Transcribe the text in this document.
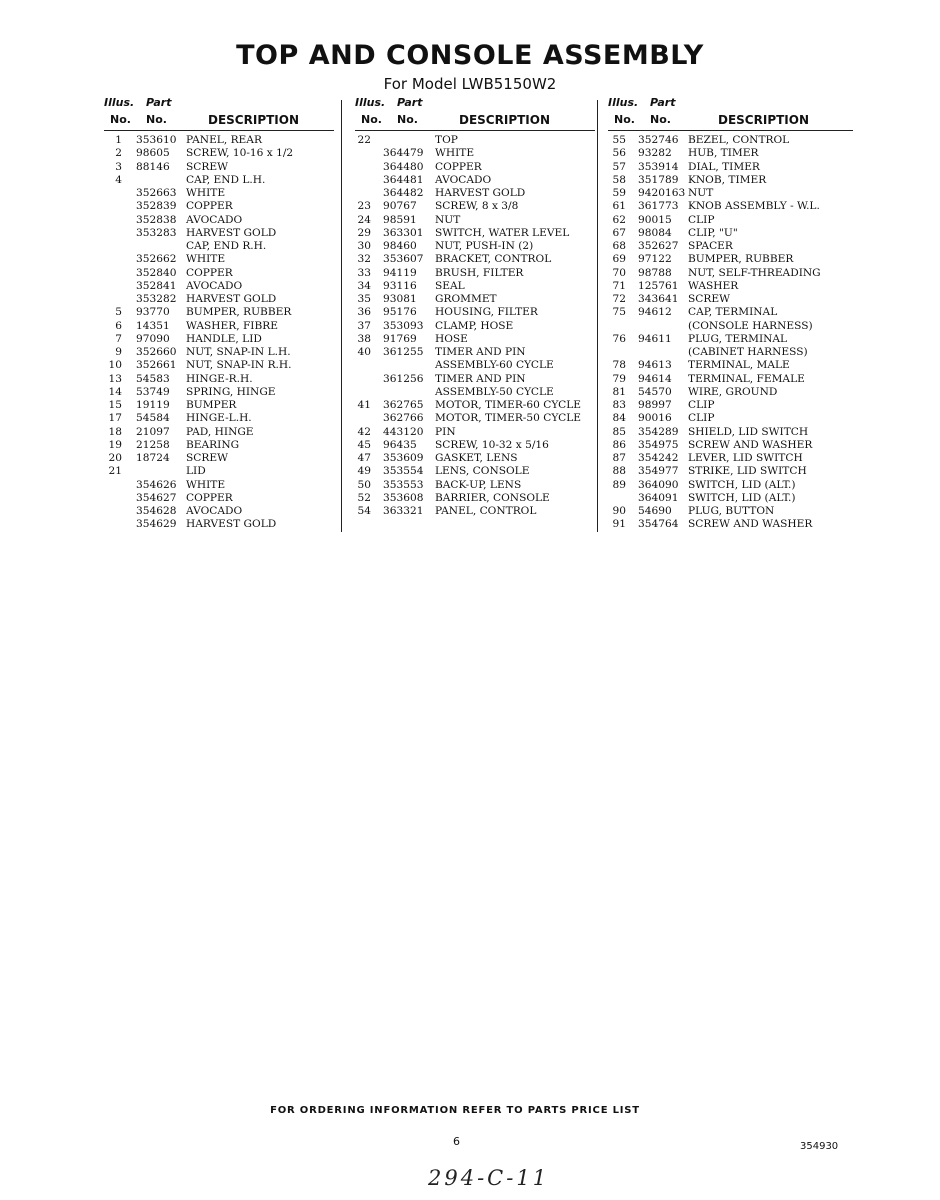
TOP AND CONSOLE ASSEMBLY
For Model LWB5150W2
Illus. Part
No. No.	DESCRIPTION
1 353610 PANEL, REAR
2 98605 SCREW, 10-16 x 1/2
3 88146 SCREW
4	CAP, END L.H.
352663 WHITE
352839 COPPER
352838 AVOCADO
353283 HARVEST GOLD
CAP, END R.H.
352662 WHITE
352840 COPPER
352841 AVOCADO
353282 HARVEST GOLD
5 93770 BUMPER, RUBBER
6 14351 WASHER, FIBRE
7 97090 HANDLE, LID
9 352660 NUT, SNAP-IN L.H.
10 352661 NUT, SNAP-IN R.H.
13 54583 HINGE-R.H.
14 53749 SPRING, HINGE
15 19119 BUMPER
17 54584 HINGE-L.H.
18 21097 PAD, HINGE
19 21258 BEARING
20 18724 SCREW
21	LID
354626 WHITE
354627 COPPER
354628 AVOCADO
354629 HARVEST GOLD
Illus. Part
No. No.	DESCRIPTION
22	TOP
364479 WHITE
364480 COPPER
364481 AVOCADO
364482 HARVEST GOLD
23 90767 SCREW, 8 x 3/8
24 98591 NUT
29 363301 SWITCH, WATER LEVEL
30 98460 NUT, PUSH-IN (2)
32 353607 BRACKET, CONTROL
33 94119 BRUSH, FILTER
34 93116 SEAL
35 93081 GROMMET
36 95176 HOUSING, FILTER
37 353093 CLAMP, HOSE
38 91769 HOSE
40 361255 TIMER AND PIN
ASSEMBLY-60 CYCLE
361256 TIMER AND PIN
ASSEMBLY-50 CYCLE
41 362765 MOTOR, TIMER-60 CYCLE
362766 MOTOR, TIMER-50 CYCLE
42 443120 PIN
45 96435 SCREW, 10-32 x 5/16
47 353609 GASKET, LENS
49 353554 LENS, CONSOLE
50 353553 BACK-UP, LENS
52 353608 BARRIER, CONSOLE
54 363321 PANEL, CONTROL
Illus. Part
No. No.	DESCRIPTION
55 352746 BEZEL, CONTROL
56 93282 HUB, TIMER
57 353914 DIAL, TIMER
58 351789 KNOB, TIMER
59 9420163 NUT
61 361773 KNOB ASSEMBLY - W.L.
62 90015 CLIP
67 98084 CLIP, "U"
68 352627 SPACER
69 97122 BUMPER, RUBBER
70 98788 NUT, SELF-THREADING
71 125761 WASHER
72 343641 SCREW
75 94612 CAP, TERMINAL
(CONSOLE HARNESS)
76 94611 PLUG, TERMINAL
(CABINET HARNESS)
78 94613 TERMINAL, MALE
79 94614 TERMINAL, FEMALE
81 54570 WIRE, GROUND
83 98997 CLIP
84 90016 CLIP
85 354289 SHIELD, LID SWITCH
86 354975 SCREW AND WASHER
87 354242 LEVER, LID SWITCH
88 354977 STRIKE, LID SWITCH
89 364090 SWITCH, LID (ALT.)
364091 SWITCH, LID (ALT.)
90 54690 PLUG, BUTTON
91 354764 SCREW AND WASHER
FOR ORDERING INFORMATION REFER TO PARTS PRICE LIST
6	354930
294-C-11
